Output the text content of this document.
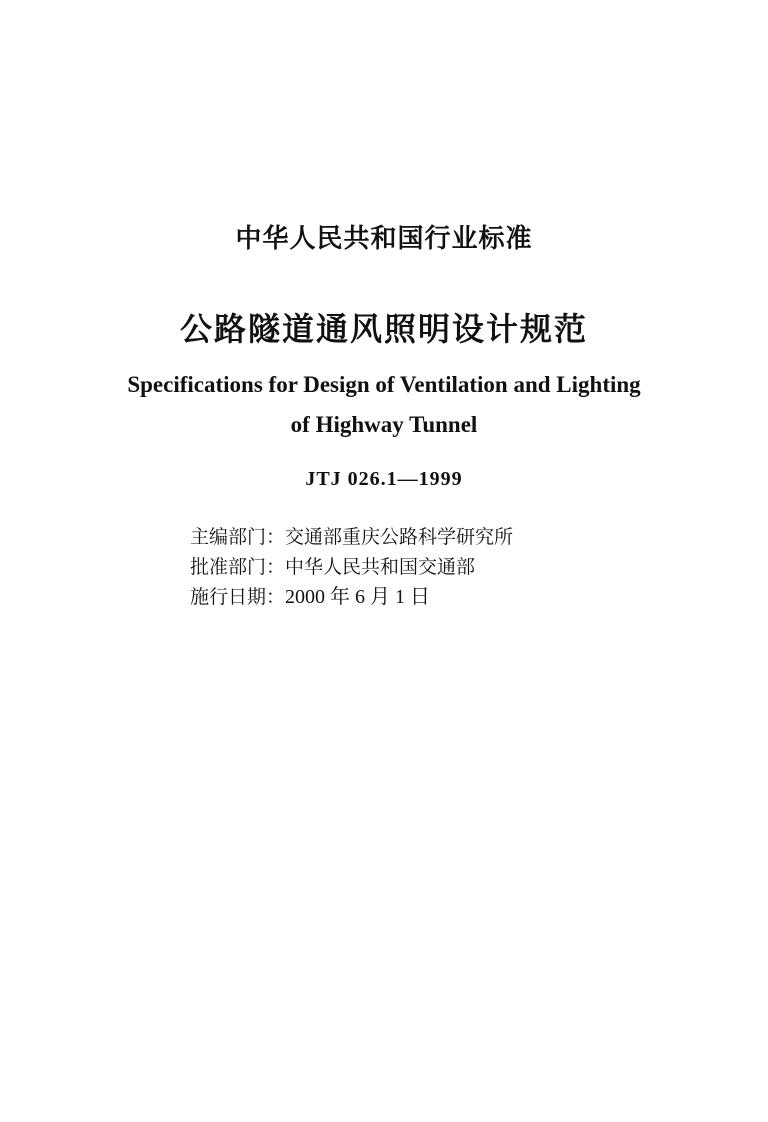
中华人民共和国行业标准
公路隧道通风照明设计规范
Specifications for Design of Ventilation and Lighting
of Highway Tunnel
JTJ 026.1—1999
主编部门：交通部重庆公路科学研究所
批准部门：中华人民共和国交通部
施行日期：2000 年 6 月 1 日
